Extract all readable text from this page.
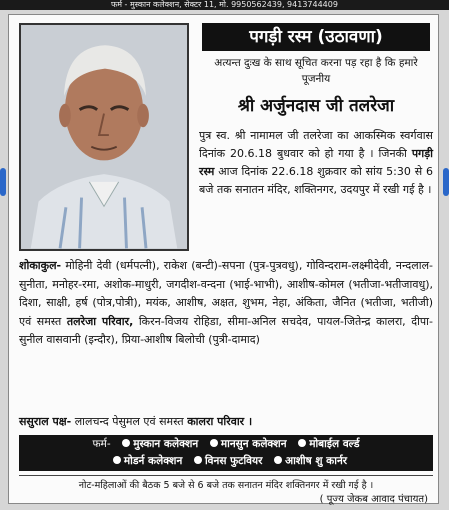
फर्म - मुस्कान कलेक्शन, सेक्टर 11, मो. 9950562439, 9413744409
पगड़ी रस्म (उठावणा)
अत्यन्त दुःख के साथ सूचित करना पड़ रहा है कि हमारे पूजनीय
श्री अर्जुनदास जी तलरेजा
पुत्र स्व. श्री नामामल जी तलरेजा का आकस्मिक स्वर्गवास दिनांक 20.6.18 बुधवार को हो गया है । जिनकी पगड़ी रस्म आज दिनांक 22.6.18 शुक्रवार को सांय 5:30 से 6 बजे तक सनातन मंदिर, शक्तिनगर, उदयपुर में रखी गई है ।
शोकाकुल- मोहिनी देवी (धर्मपत्नी), राकेश (बन्टी)-सपना (पुत्र-पुत्रवधु), गोविन्दराम-लक्ष्मीदेवी, नन्दलाल-सुनीता, मनोहर-रमा, अशोक-माधुरी, जगदीश-वन्दना (भाई-भाभी), आशीष-कोमल (भतीजा-भतीजावधु), दिशा, साक्षी, हर्ष (पोत्र,पोत्री), मयंक, आशीष, अक्षत, शुभम, नेहा, अंकिता, जैनित (भतीजा, भतीजी) एवं समस्त तलरेजा परिवार, किरन-विजय रोहिडा, सीमा-अनिल सचदेव, पायल-जितेन्द्र कालरा, दीपा-सुनील वासवानी (इन्दौर), प्रिया-आशीष बिलोची (पुत्री-दामाद)
ससुराल पक्ष- लालचन्द पेसुमल एवं समस्त कालरा परिवार ।
फर्म- मुस्कान कलेक्शन मानसुन कलेक्शन मोबाईल वर्ल्ड
मोडर्न कलेक्शन विनस फुटवियर आशीष शु कार्नर
नोट-महिलाओं की बैठक 5 बजे से 6 बजे तक सनातन मंदिर शक्तिनगर में रखी गई है ।
( पूज्य जेकब आवाद पंचायत)
